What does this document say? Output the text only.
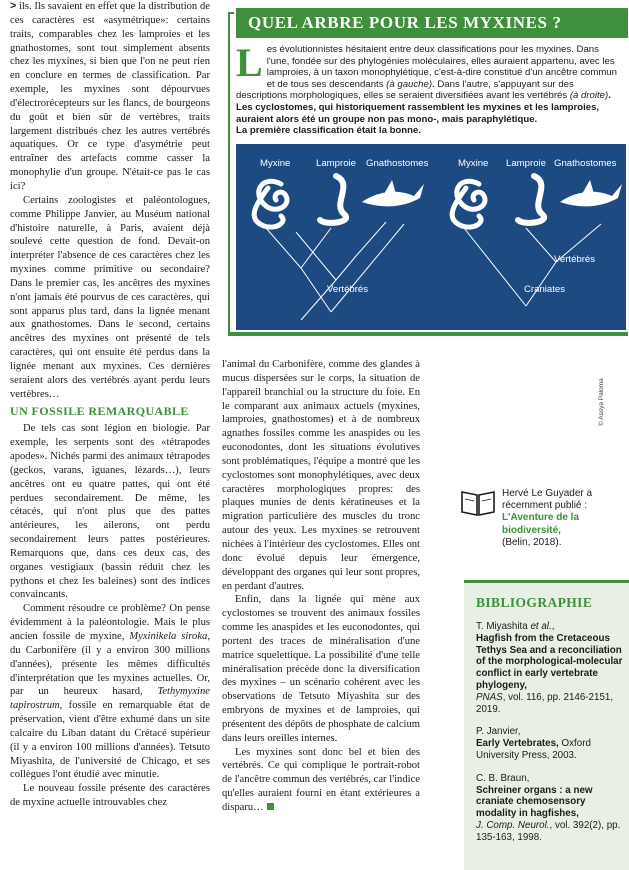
> ils. Ils savaient en effet que la distribution de ces caractères est «asymétrique»: certains traits, comparables chez les lamproies et les gnathostomes, sont tout simplement absents chez les myxines, si bien que l'on ne peut rien en conclure en termes de classification. Par exemple, les myxines sont dépourvues d'électrorécepteurs sur les flancs, de bourgeons du goût et bien sûr de vertèbres, traits largement distribués chez les autres vertébrés aquatiques. Or ce type d'asymétrie peut entraîner des artefacts comme casser la monophylie d'un groupe. N'était-ce pas le cas ici?

Certains zoologistes et paléontologues, comme Philippe Janvier, au Muséum national d'histoire naturelle, à Paris, avaient déjà soulevé cette question de fond. Devait-on interpréter l'absence de ces caractères chez les myxines comme primitive ou secondaire? Dans le premier cas, les ancêtres des myxines n'ont jamais été pourvus de ces caractères, qui sont apparus plus tard, dans la lignée menant aux gnathostomes. Dans le second, certains ancêtres des myxines ont présenté de tels caractères, qui ont ensuite été perdus dans la lignée menant aux myxines. Ces dernières seraient alors des vertébrés ayant perdu leurs vertèbres…

UN FOSSILE REMARQUABLE

De tels cas sont légion en biologie. Par exemple, les serpents sont des «tétrapodes apodes». Nichés parmi des animaux tétrapodes (geckos, varans, iguanes, lézards…), leurs ancêtres ont eu quatre pattes, qui ont été perdues secondairement. De même, les cétacés, qui n'ont plus que des pattes antérieures, les ailerons, ont perdu secondairement leurs pattes postérieures. Remarquons que, dans ces deux cas, des organes vestigiaux (bassin réduit chez les pythons et chez les baleines) sont des indices convaincants.

Comment résoudre ce problème? On pense évidemment à la paléontologie. Mais le plus ancien fossile de myxine, Myxinikela siroka, du Carbonifère (il y a environ 300 millions d'années), présente les mêmes difficultés d'interprétation que les myxines actuelles. Or, par un heureux hasard, Tethymyxine tapirostrum, fossile en remarquable état de préservation, vient d'être exhumé dans un site calcaire du Liban datant du Crétacé supérieur (il y a environ 100 millions d'années). Tetsuto Miyashita, de l'université de Chicago, et ses collègues l'ont étudié avec minutie.

Le nouveau fossile présente des caractères de myxine actuelle introuvables chez

l'animal du Carbonifère, comme des glandes à mucus dispersées sur le corps, la situation de l'appareil branchial ou la structure du foie. En le comparant aux animaux actuels (myxines, lamproies, gnathostomes) et à de nombreux agnathes fossiles comme les anaspides ou les euconodontes, dont les situations évolutives sont problématiques, l'équipe a montré que les cyclostomes sont monophylétiques, avec deux caractères morphologiques propres: des plaques munies de dents kératineuses et la migration particulière des muscles du tronc autour des yeux. Les myxines se retrouvent nichées à l'intérieur des cyclostomes. Elles ont donc évolué depuis leur émergence, développant des organes qui leur sont propres, en perdant d'autres.

Enfin, dans la lignée qui mène aux cyclostomes se trouvent des animaux fossiles comme les anaspides et les euconodontes, qui portent des traces de minéralisation d'une matrice squelettique. La possibilité d'une telle minéralisation précède donc la diversification des myxines – un scénario cohérent avec les observations de Tetsuto Miyashita sur des embryons de myxines et de lamproies, qui présentent des dépôts de phosphate de calcium dans leurs oreilles internes.

Les myxines sont donc bel et bien des vertébrés. Ce qui complique le portrait-robot de l'ancêtre commun des vertébrés, car l'indice qu'elles auraient fourni en étant extérieures a disparu…

QUEL ARBRE POUR LES MYXINES ?
L es évolutionnistes hésitaient entre deux classifications pour les myxines. Dans l'une, fondée sur des phylogénies moléculaires, elles auraient appartenu, avec les lamproies, à un taxon monophylétique, c'est-à-dire constitué d'un ancêtre commun et de tous ses descendants (à gauche). Dans l'autre, s'appuyant sur des descriptions morphologiques, elles se seraient diversifiées avant les vertébrés (à droite). Les cyclostomes, qui historiquement rassemblent les myxines et les lamproies, auraient alors été un groupe non pas mono-, mais paraphylétique.
La première classification était la bonne.
Myxine	Lamproie Gnathostomes
Vertébrés
Myxine Lamproie Gnathostomes
Vertébrés
Craniates
© Assya Paloma
Hervé Le Guyader a récemment publié :
L'Aventure de la biodiversité,
(Belin, 2018).
BIBLIOGRAPHIE
T. Miyashita et al.,
Hagfish from the Cretaceous Tethys Sea and a reconciliation of the morphological-molecular conflict in early vertebrate phylogeny,
PNAS, vol. 116, pp. 2146-2151, 2019.
P. Janvier,
Early Vertebrates, Oxford University Press, 2003.
C. B. Braun,
Schreiner organs : a new craniate chemosensory modality in hagfishes,
J. Comp. Neurol., vol. 392(2), pp. 135-163, 1998.
